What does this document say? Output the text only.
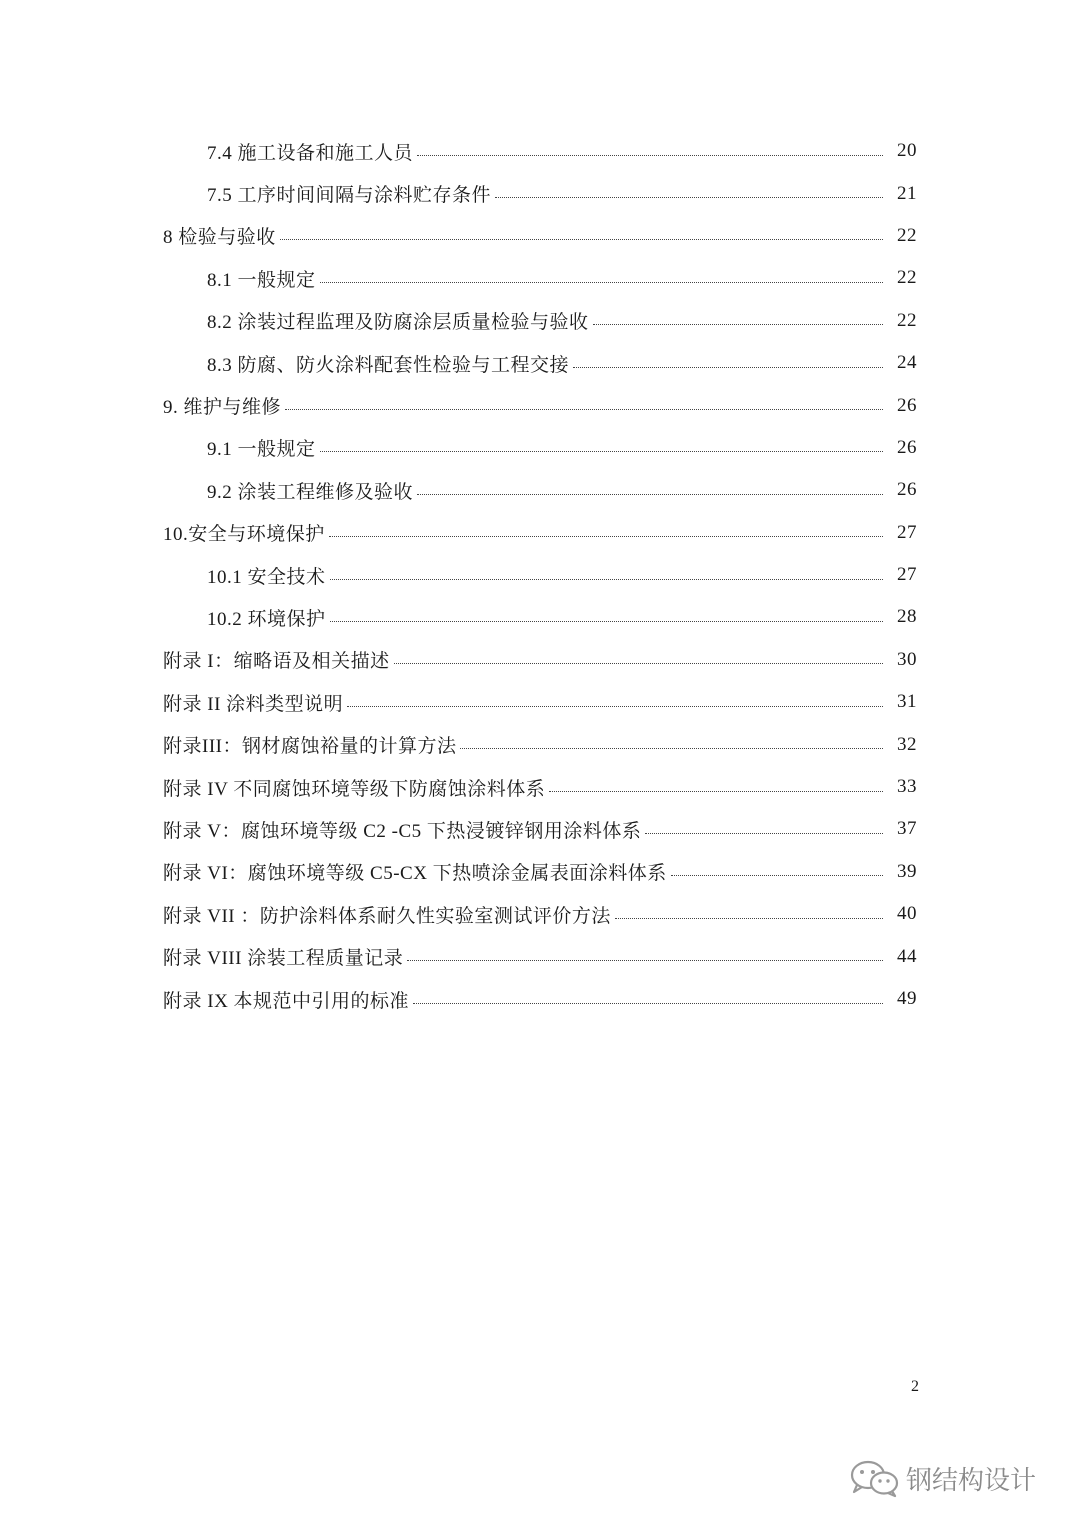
7.4 施工设备和施工人员	20
7.5 工序时间间隔与涂料贮存条件	21
8 检验与验收	22
8.1 一般规定	22
8.2 涂装过程监理及防腐涂层质量检验与验收	22
8.3 防腐、防火涂料配套性检验与工程交接	24
9. 维护与维修	26
9.1 一般规定	26
9.2 涂装工程维修及验收	26
10.安全与环境保护	27
10.1 安全技术	27
10.2 环境保护	28
附录 I：缩略语及相关描述	30
附录 II 涂料类型说明	31
附录III：钢材腐蚀裕量的计算方法	32
附录 IV 不同腐蚀环境等级下防腐蚀涂料体系	33
附录 V：腐蚀环境等级 C2 -C5 下热浸镀锌钢用涂料体系	37
附录 VI：腐蚀环境等级 C5-CX 下热喷涂金属表面涂料体系	39
附录 VII ：防护涂料体系耐久性实验室测试评价方法	40
附录 VIII 涂装工程质量记录	44
附录 IX 本规范中引用的标准	49
2
钢结构设计
